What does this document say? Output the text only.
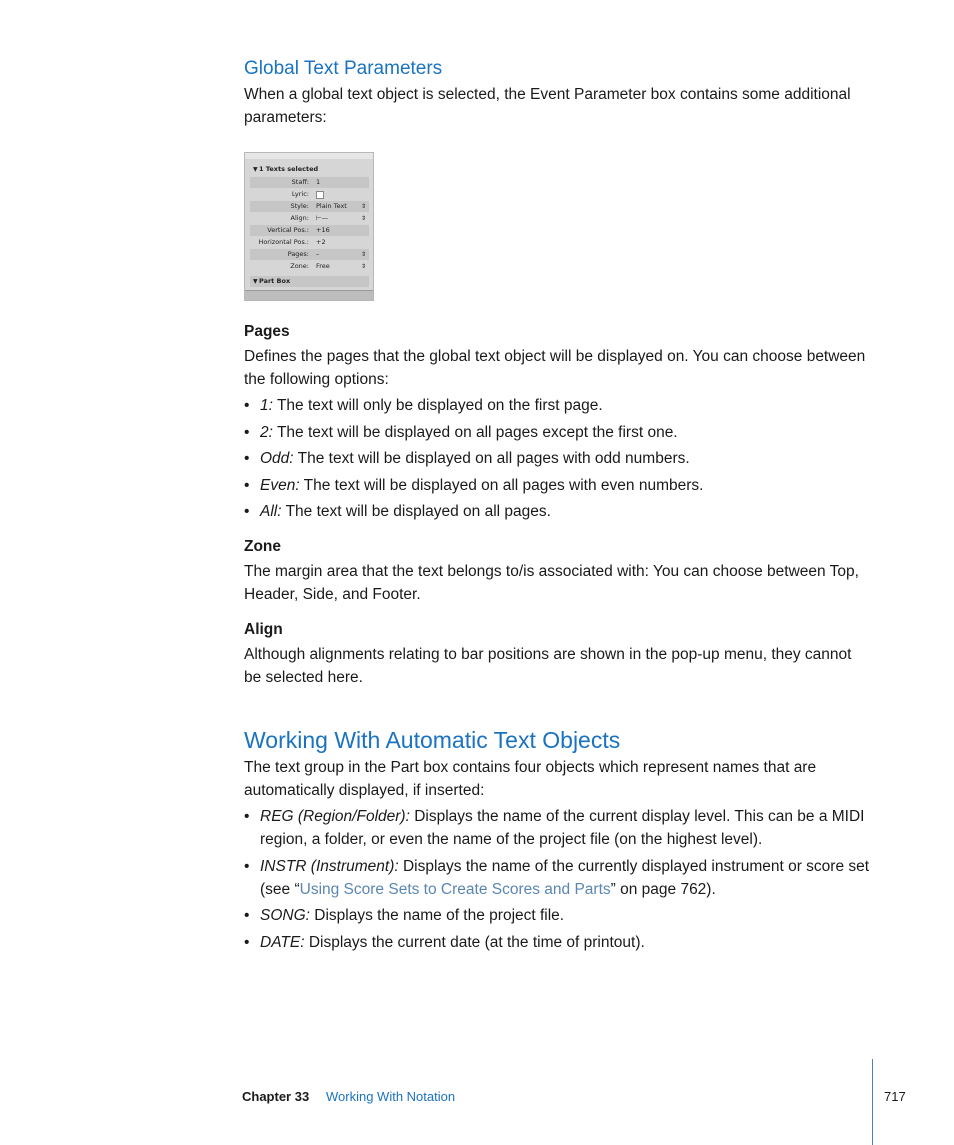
Global Text Parameters

When a global text object is selected, the Event Parameter box contains some additional parameters:

▼ 1 Texts selected
Staff: 1
Lyric:
Style: Plain Text ⇕
Align: ⊢—	⇕
Vertical Pos.: +16
Horizontal Pos.: +2
Pages: –	⇕
Zone: Free	⇕
▼ Part Box
Pages

Defines the pages that the global text object will be displayed on. You can choose between the following options:

• 1: The text will only be displayed on the first page.
• 2: The text will be displayed on all pages except the first one.
• Odd: The text will be displayed on all pages with odd numbers.
• Even: The text will be displayed on all pages with even numbers.
• All: The text will be displayed on all pages.
Zone

The margin area that the text belongs to/is associated with: You can choose between Top, Header, Side, and Footer.

Align

Although alignments relating to bar positions are shown in the pop-up menu, they cannot be selected here.

Working With Automatic Text Objects

The text group in the Part box contains four objects which represent names that are automatically displayed, if inserted:

• REG (Region/Folder): Displays the name of the current display level. This can be a MIDI region, a folder, or even the name of the project file (on the highest level).
• INSTR (Instrument): Displays the name of the currently displayed instrument or score set (see “Using Score Sets to Create Scores and Parts” on page 762).
• SONG: Displays the name of the project file.
• DATE: Displays the current date (at the time of printout).
Chapter 33 Working With Notation	717
